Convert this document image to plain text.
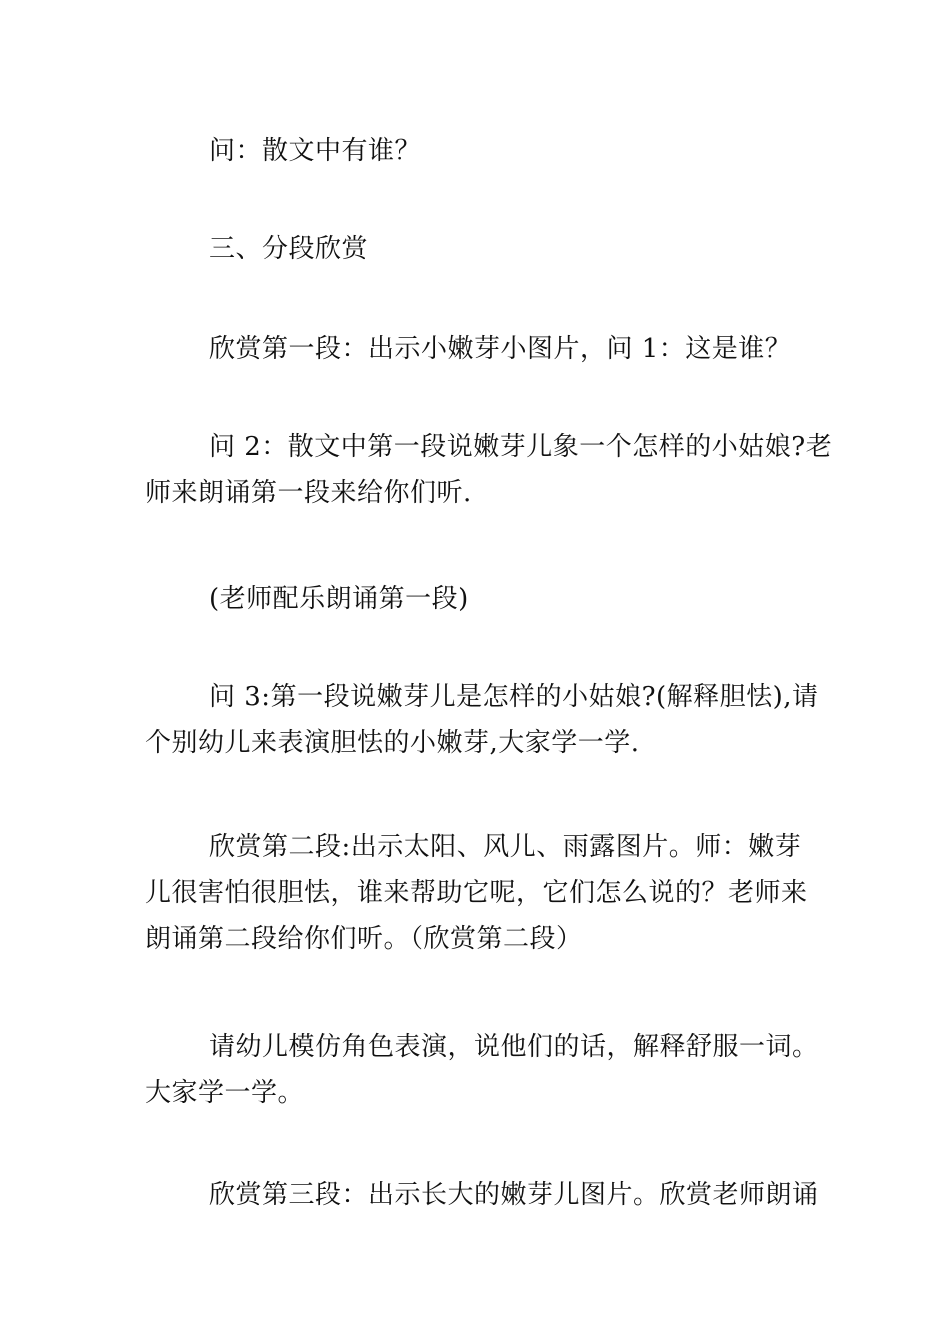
问：散文中有谁？
三、分段欣赏
欣赏第一段：出示小嫩芽小图片，问 1：这是谁？
问 2：散文中第一段说嫩芽儿象一个怎样的小姑娘?老
师来朗诵第一段来给你们听.
(老师配乐朗诵第一段)
问 3:第一段说嫩芽儿是怎样的小姑娘?(解释胆怯),请
个别幼儿来表演胆怯的小嫩芽,大家学一学.
欣赏第二段:出示太阳、风儿、雨露图片。师：嫩芽
儿很害怕很胆怯，谁来帮助它呢，它们怎么说的？老师来
朗诵第二段给你们听。（欣赏第二段）
请幼儿模仿角色表演，说他们的话，解释舒服一词。
大家学一学。
欣赏第三段：出示长大的嫩芽儿图片。欣赏老师朗诵
